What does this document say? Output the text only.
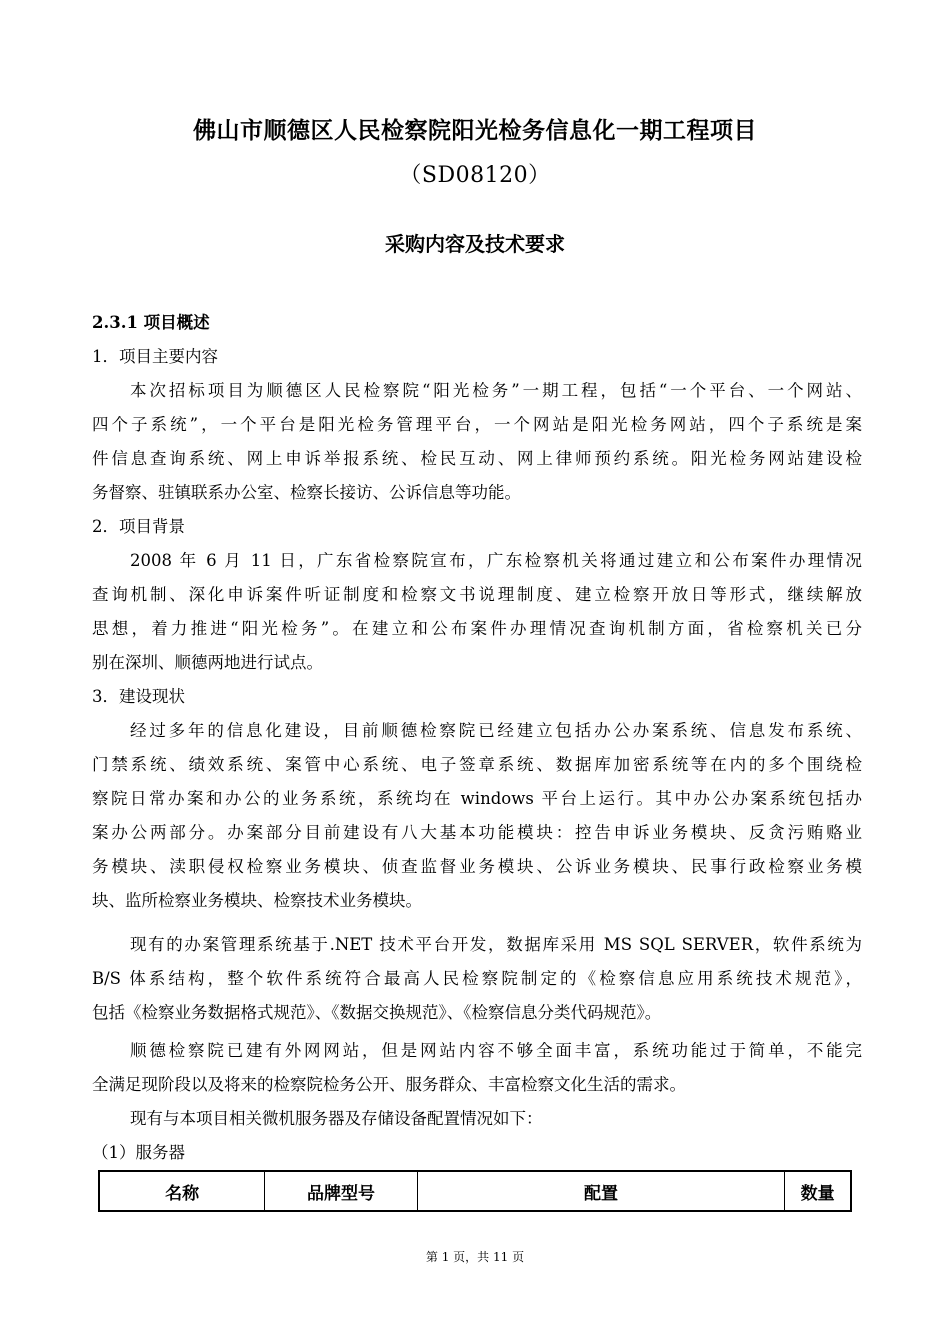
佛山市顺德区人民检察院阳光检务信息化一期工程项目
（SD08120）
采购内容及技术要求
2.3.1 项目概述
1．项目主要内容
本次招标项目为顺德区人民检察院“阳光检务”一期工程，包括“一个平台、一个网站、
四个子系统”，一个平台是阳光检务管理平台，一个网站是阳光检务网站，四个子系统是案
件信息查询系统、网上申诉举报系统、检民互动、网上律师预约系统。阳光检务网站建设检
务督察、驻镇联系办公室、检察长接访、公诉信息等功能。
2．项目背景
2008 年 6 月 11 日，广东省检察院宣布，广东检察机关将通过建立和公布案件办理情况
查询机制、深化申诉案件听证制度和检察文书说理制度、建立检察开放日等形式，继续解放
思想，着力推进“阳光检务”。在建立和公布案件办理情况查询机制方面，省检察机关已分
别在深圳、顺德两地进行试点。
3．建设现状
经过多年的信息化建设，目前顺德检察院已经建立包括办公办案系统、信息发布系统、
门禁系统、绩效系统、案管中心系统、电子签章系统、数据库加密系统等在内的多个围绕检
察院日常办案和办公的业务系统，系统均在 windows 平台上运行。其中办公办案系统包括办
案办公两部分。办案部分目前建设有八大基本功能模块：控告申诉业务模块、反贪污贿赂业
务模块、渎职侵权检察业务模块、侦查监督业务模块、公诉业务模块、民事行政检察业务模
块、监所检察业务模块、检察技术业务模块。
现有的办案管理系统基于.NET 技术平台开发，数据库采用 MS SQL SERVER，软件系统为
B/S 体系结构，整个软件系统符合最高人民检察院制定的《检察信息应用系统技术规范》，
包括《检察业务数据格式规范》、《数据交换规范》、《检察信息分类代码规范》。
顺德检察院已建有外网网站，但是网站内容不够全面丰富，系统功能过于简单，不能完
全满足现阶段以及将来的检察院检务公开、服务群众、丰富检察文化生活的需求。
现有与本项目相关微机服务器及存储设备配置情况如下：
（1）服务器
名称	品牌型号	配置	数量
第 1 页，共 11 页
